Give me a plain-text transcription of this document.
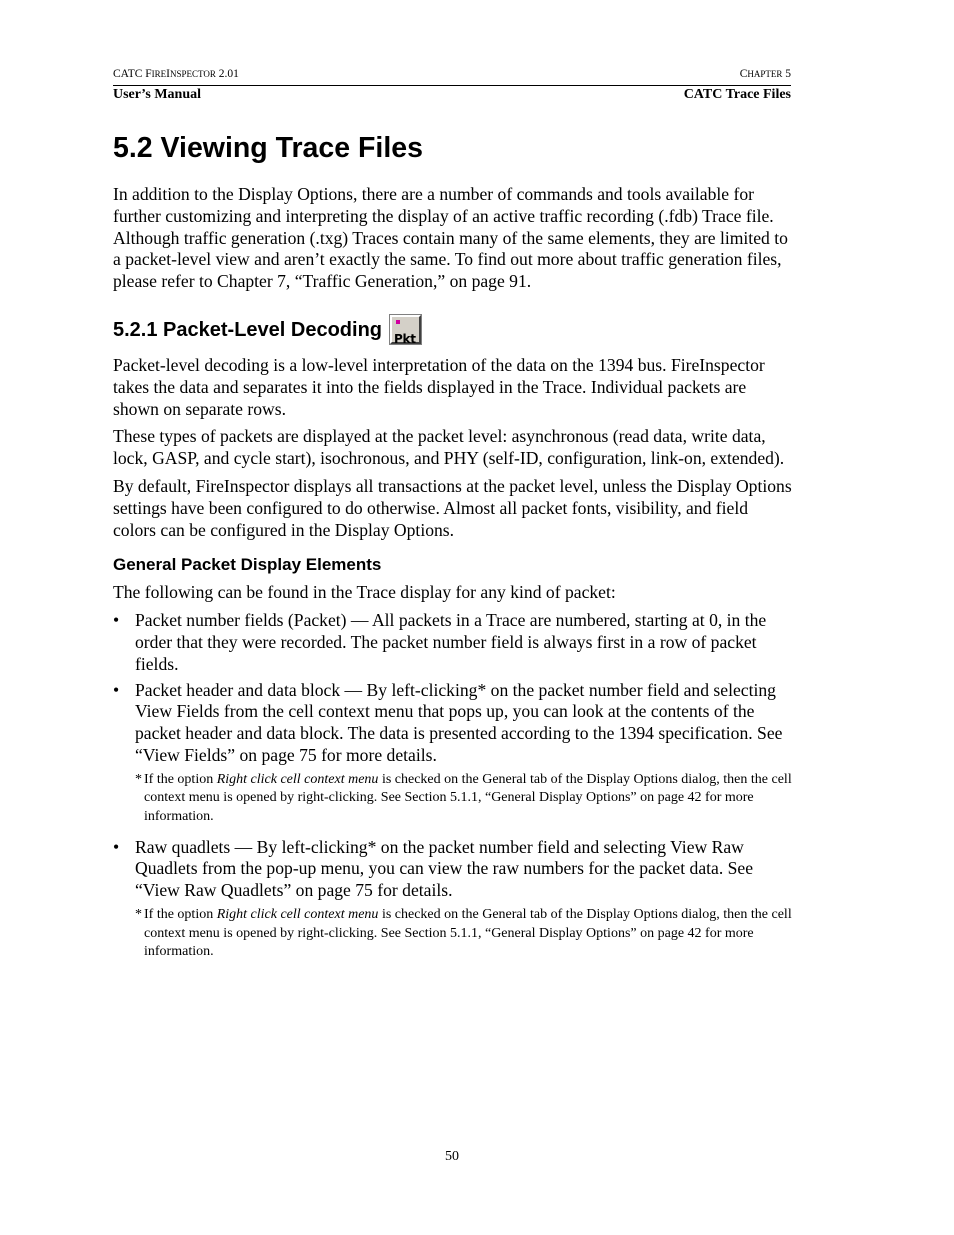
CATC FIREINSPECTOR 2.01	CHAPTER 5
User’s Manual	CATC Trace Files
5.2 Viewing Trace Files

In addition to the Display Options, there are a number of commands and tools available for further customizing and interpreting the display of an active traffic recording (.fdb) Trace file. Although traffic generation (.txg) Traces contain many of the same elements, they are limited to a packet-level view and aren’t exactly the same. To find out more about traffic generation files, please refer to Chapter 7, “Traffic Generation,” on page 91.

5.2.1 Packet-Level Decoding Pkt

Packet-level decoding is a low-level interpretation of the data on the 1394 bus. FireInspector takes the data and separates it into the fields displayed in the Trace. Individual packets are shown on separate rows.

These types of packets are displayed at the packet level: asynchronous (read data, write data, lock, GASP, and cycle start), isochronous, and PHY (self-ID, configuration, link-on, extended).

By default, FireInspector displays all transactions at the packet level, unless the Display Options settings have been configured to do otherwise. Almost all packet fonts, visibility, and field colors can be configured in the Display Options.

General Packet Display Elements

The following can be found in the Trace display for any kind of packet:

• Packet number fields (Packet) — All packets in a Trace are numbered, starting at 0, in the order that they were recorded. The packet number field is always first in a row of packet fields.

• Packet header and data block — By left-clicking* on the packet number field and selecting View Fields from the cell context menu that pops up, you can look at the contents of the packet header and data block. The data is presented according to the 1394 specification. See “View Fields” on page 75 for more details.

* If the option Right click cell context menu is checked on the General tab of the Display Options dialog, then the cell context menu is opened by right-clicking. See Section 5.1.1, “General Display Options” on page 42 for more information.
• Raw quadlets — By left-clicking* on the packet number field and selecting View Raw Quadlets from the pop-up menu, you can view the raw numbers for the packet data. See “View Raw Quadlets” on page 75 for details.

* If the option Right click cell context menu is checked on the General tab of the Display Options dialog, then the cell context menu is opened by right-clicking. See Section 5.1.1, “General Display Options” on page 42 for more information.
50
